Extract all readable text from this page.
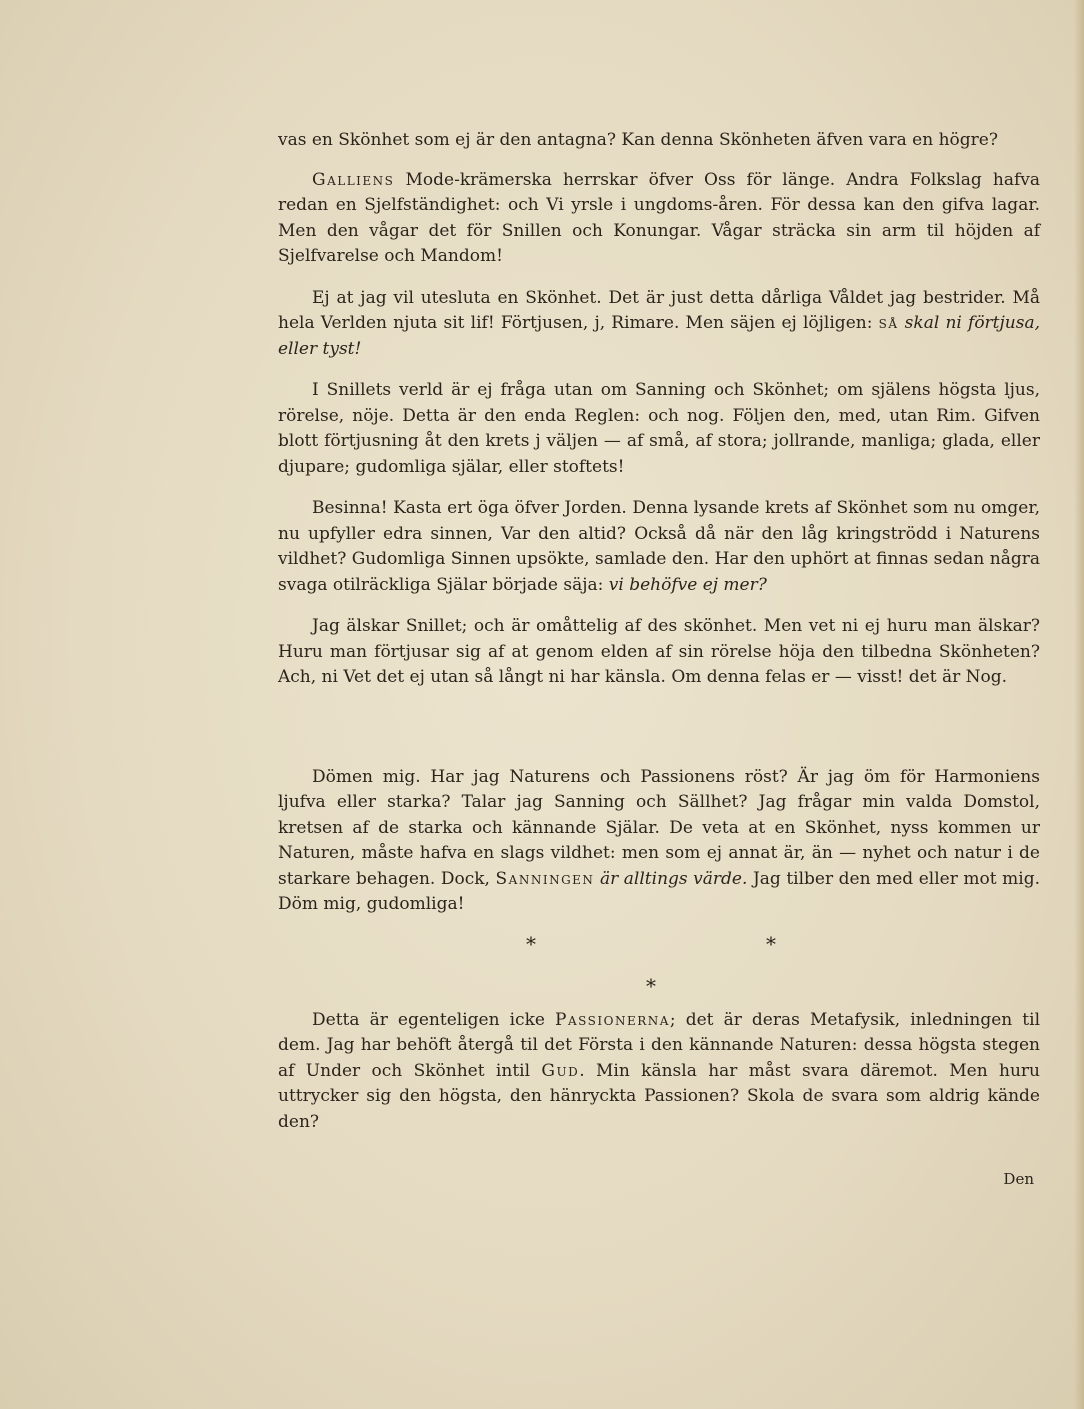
vas en Skönhet som ej är den antagna? Kan denna Skönheten äfven vara en högre?

Galliens Mode-krämerska herrskar öfver Oss för länge. Andra Folkslag hafva redan en Sjelfständighet: och Vi yrsle i ungdoms-åren. För dessa kan den gifva lagar. Men den vågar det för Snillen och Konungar. Vågar sträcka sin arm til höjden af Sjelfvarelse och Mandom!

Ej at jag vil utesluta en Skönhet. Det är just detta dårliga Våldet jag bestrider. Må hela Verlden njuta sit lif! Förtjusen, j, Rimare. Men säjen ej löjligen: så skal ni förtjusa, eller tyst!

I Snillets verld är ej fråga utan om Sanning och Skönhet; om själens högsta ljus, rörelse, nöje. Detta är den enda Reglen: och nog. Följen den, med, utan Rim. Gifven blott förtjusning åt den krets j väljen — af små, af stora; jollrande, manliga; glada, eller djupare; gudomliga själar, eller stoftets!

Besinna! Kasta ert öga öfver Jorden. Denna lysande krets af Skönhet som nu omger, nu upfyller edra sinnen, Var den altid? Också då när den låg kringströdd i Naturens vildhet? Gudomliga Sinnen upsökte, samlade den. Har den uphört at finnas sedan några svaga otilräckliga Själar började säja: vi behöfve ej mer?

Jag älskar Snillet; och är omåttelig af des skönhet. Men vet ni ej huru man älskar? Huru man förtjusar sig af at genom elden af sin rörelse höja den tilbedna Skönheten? Ach, ni Vet det ej utan så långt ni har känsla. Om denna felas er — visst! det är Nog.

Dömen mig. Har jag Naturens och Passionens röst? Är jag öm för Harmoniens ljufva eller starka? Talar jag Sanning och Sällhet? Jag frågar min valda Domstol, kretsen af de starka och kännande Själar. De veta at en Skönhet, nyss kommen ur Naturen, måste hafva en slags vildhet: men som ej annat är, än — nyhet och natur i de starkare behagen. Dock, Sanningen är alltings värde. Jag tilber den med eller mot mig. Döm mig, gudomliga!

*	*
*

Detta är egenteligen icke Passionerna; det är deras Metafysik, inledningen til dem. Jag har behöft återgå til det Första i den kännande Naturen: dessa högsta stegen af Under och Skönhet intil Gud. Min känsla har måst svara däremot. Men huru uttrycker sig den högsta, den hänryckta Passionen? Skola de svara som aldrig kände den?

Den
